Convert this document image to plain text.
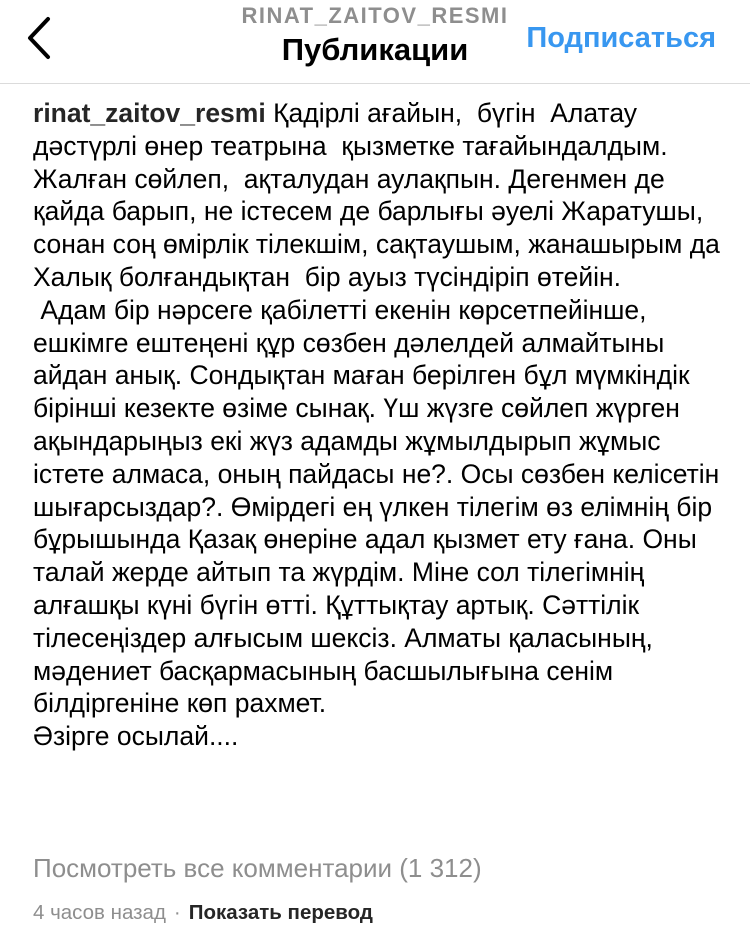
RINAT_ZAITOV_RESMI
Публикации	Подписаться

rinat_zaitov_resmi Қадірлі ағайын,  бүгін  Алатау дәстүрлі өнер театрына  қызметке тағайындалдым. Жалған сөйлеп,  ақталудан аулақпын. Дегенмен де қайда барып, не істесем де барлығы әуелі Жаратушы, сонан соң өмірлік тілекшім, сақтаушым, жанашырым да Халық болғандықтан  бір ауыз түсіндіріп өтейін.

Адам бір нәрсеге қабілетті екенін көрсетпейінше, ешкімге ештеңені құр сөзбен дәлелдей алмайтыны айдан анық. Сондықтан маған берілген бұл мүмкіндік бірінші кезекте өзіме сынақ. Үш жүзге сөйлеп жүрген ақындарыңыз екі жүз адамды жұмылдырып жұмыс істете алмаса, оның пайдасы не?. Осы сөзбен келісетін шығарсыздар?. Өмірдегі ең үлкен тілегім өз елімнің бір бұрышында Қазақ өнеріне адал қызмет ету ғана. Оны талай жерде айтып та жүрдім. Міне сол тілегімнің алғашқы күні бүгін өтті. Құттықтау артық. Сәттілік тілесеңіздер алғысым шексіз. Алматы қаласының, мәдениет басқармасының басшылығына сенім білдіргеніне көп рахмет.

Әзірге осылай....

Посмотреть все комментарии (1 312)
4 часов назад · Показать перевод
